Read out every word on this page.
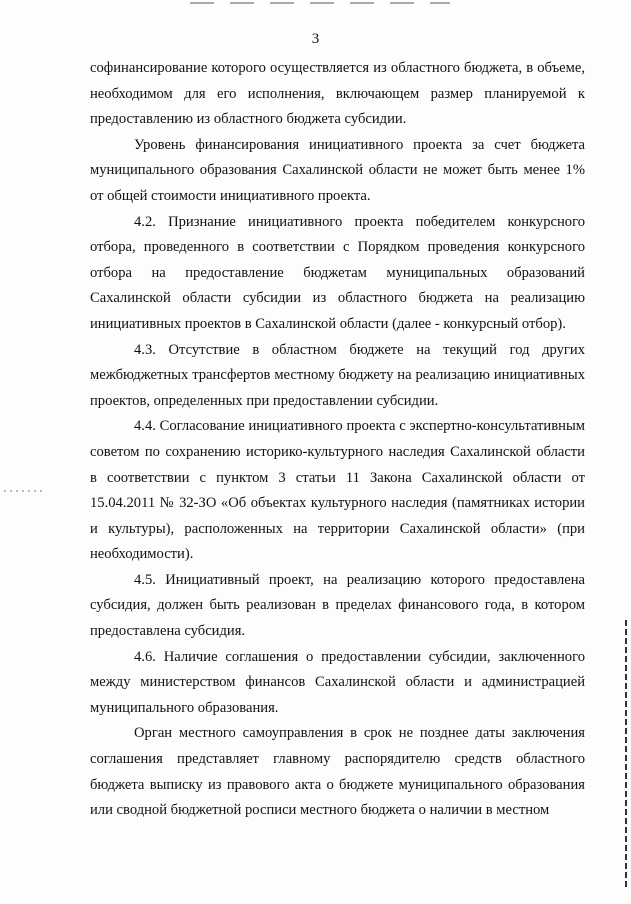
3

софинансирование которого осуществляется из областного бюджета, в объеме, необходимом для его исполнения, включающем размер планируемой к предоставлению из областного бюджета субсидии.

Уровень финансирования инициативного проекта за счет бюджета муниципального образования Сахалинской области не может быть менее 1% от общей стоимости инициативного проекта.

4.2. Признание инициативного проекта победителем конкурсного отбора, проведенного в соответствии с Порядком проведения конкурсного отбора на предоставление бюджетам муниципальных образований Сахалинской области субсидии из областного бюджета на реализацию инициативных проектов в Сахалинской области (далее - конкурсный отбор).

4.3. Отсутствие в областном бюджете на текущий год других межбюджетных трансфертов местному бюджету на реализацию инициативных проектов, определенных при предоставлении субсидии.

4.4. Согласование инициативного проекта с экспертно-консультативным советом по сохранению историко-культурного наследия Сахалинской области в соответствии с пунктом 3 статьи 11 Закона Сахалинской области от 15.04.2011 № 32-ЗО «Об объектах культурного наследия (памятниках истории и культуры), расположенных на территории Сахалинской области» (при необходимости).

4.5. Инициативный проект, на реализацию которого предоставлена субсидия, должен быть реализован в пределах финансового года, в котором предоставлена субсидия.

4.6. Наличие соглашения о предоставлении субсидии, заключенного между министерством финансов Сахалинской области и администрацией муниципального образования.

Орган местного самоуправления в срок не позднее даты заключения соглашения представляет главному распорядителю средств областного бюджета выписку из правового акта о бюджете муниципального образования или сводной бюджетной росписи местного бюджета о наличии в местном
